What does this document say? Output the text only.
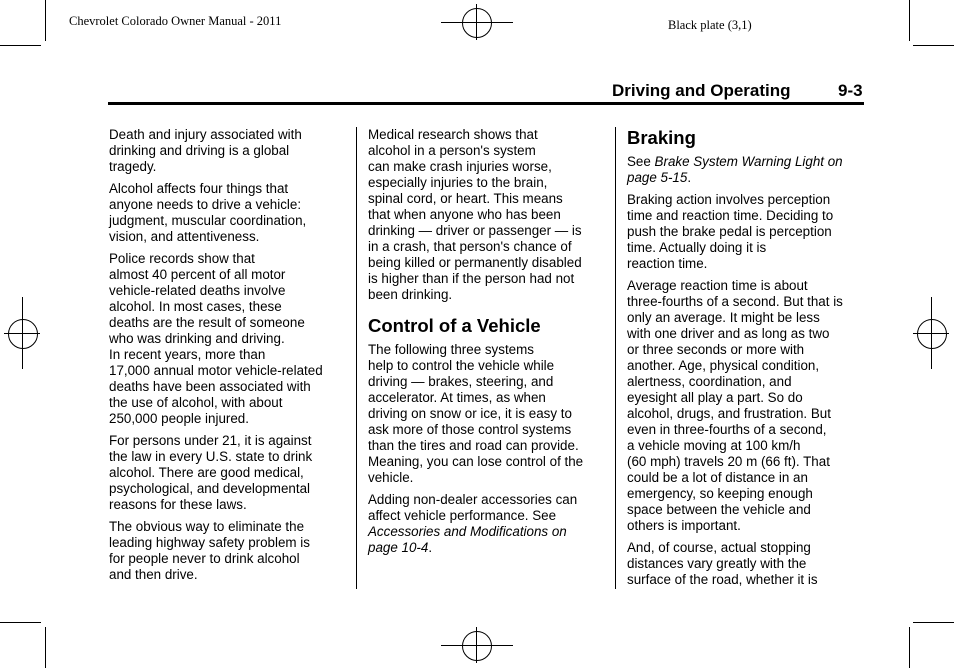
Chevrolet Colorado Owner Manual - 2011	Black plate (3,1)
Driving and Operating	9-3

Death and injury associated with
drinking and driving is a global
tragedy.

Alcohol affects four things that
anyone needs to drive a vehicle:
judgment, muscular coordination,
vision, and attentiveness.

Police records show that
almost 40 percent of all motor
vehicle-related deaths involve
alcohol. In most cases, these
deaths are the result of someone
who was drinking and driving.
In recent years, more than
17,000 annual motor vehicle-related
deaths have been associated with
the use of alcohol, with about
250,000 people injured.

For persons under 21, it is against
the law in every U.S. state to drink
alcohol. There are good medical,
psychological, and developmental
reasons for these laws.

The obvious way to eliminate the
leading highway safety problem is
for people never to drink alcohol
and then drive.

Medical research shows that
alcohol in a person's system
can make crash injuries worse,
especially injuries to the brain,
spinal cord, or heart. This means
that when anyone who has been
drinking — driver or passenger — is
in a crash, that person's chance of
being killed or permanently disabled
is higher than if the person had not
been drinking.

Control of a Vehicle

The following three systems
help to control the vehicle while
driving — brakes, steering, and
accelerator. At times, as when
driving on snow or ice, it is easy to
ask more of those control systems
than the tires and road can provide.
Meaning, you can lose control of the
vehicle.

Adding non-dealer accessories can
affect vehicle performance. See
Accessories and Modifications on
page 10-4.

Braking

See Brake System Warning Light on
page 5-15.

Braking action involves perception
time and reaction time. Deciding to
push the brake pedal is perception
time. Actually doing it is
reaction time.

Average reaction time is about
three-fourths of a second. But that is
only an average. It might be less
with one driver and as long as two
or three seconds or more with
another. Age, physical condition,
alertness, coordination, and
eyesight all play a part. So do
alcohol, drugs, and frustration. But
even in three-fourths of a second,
a vehicle moving at 100 km/h
(60 mph) travels 20 m (66 ft). That
could be a lot of distance in an
emergency, so keeping enough
space between the vehicle and
others is important.

And, of course, actual stopping
distances vary greatly with the
surface of the road, whether it is
